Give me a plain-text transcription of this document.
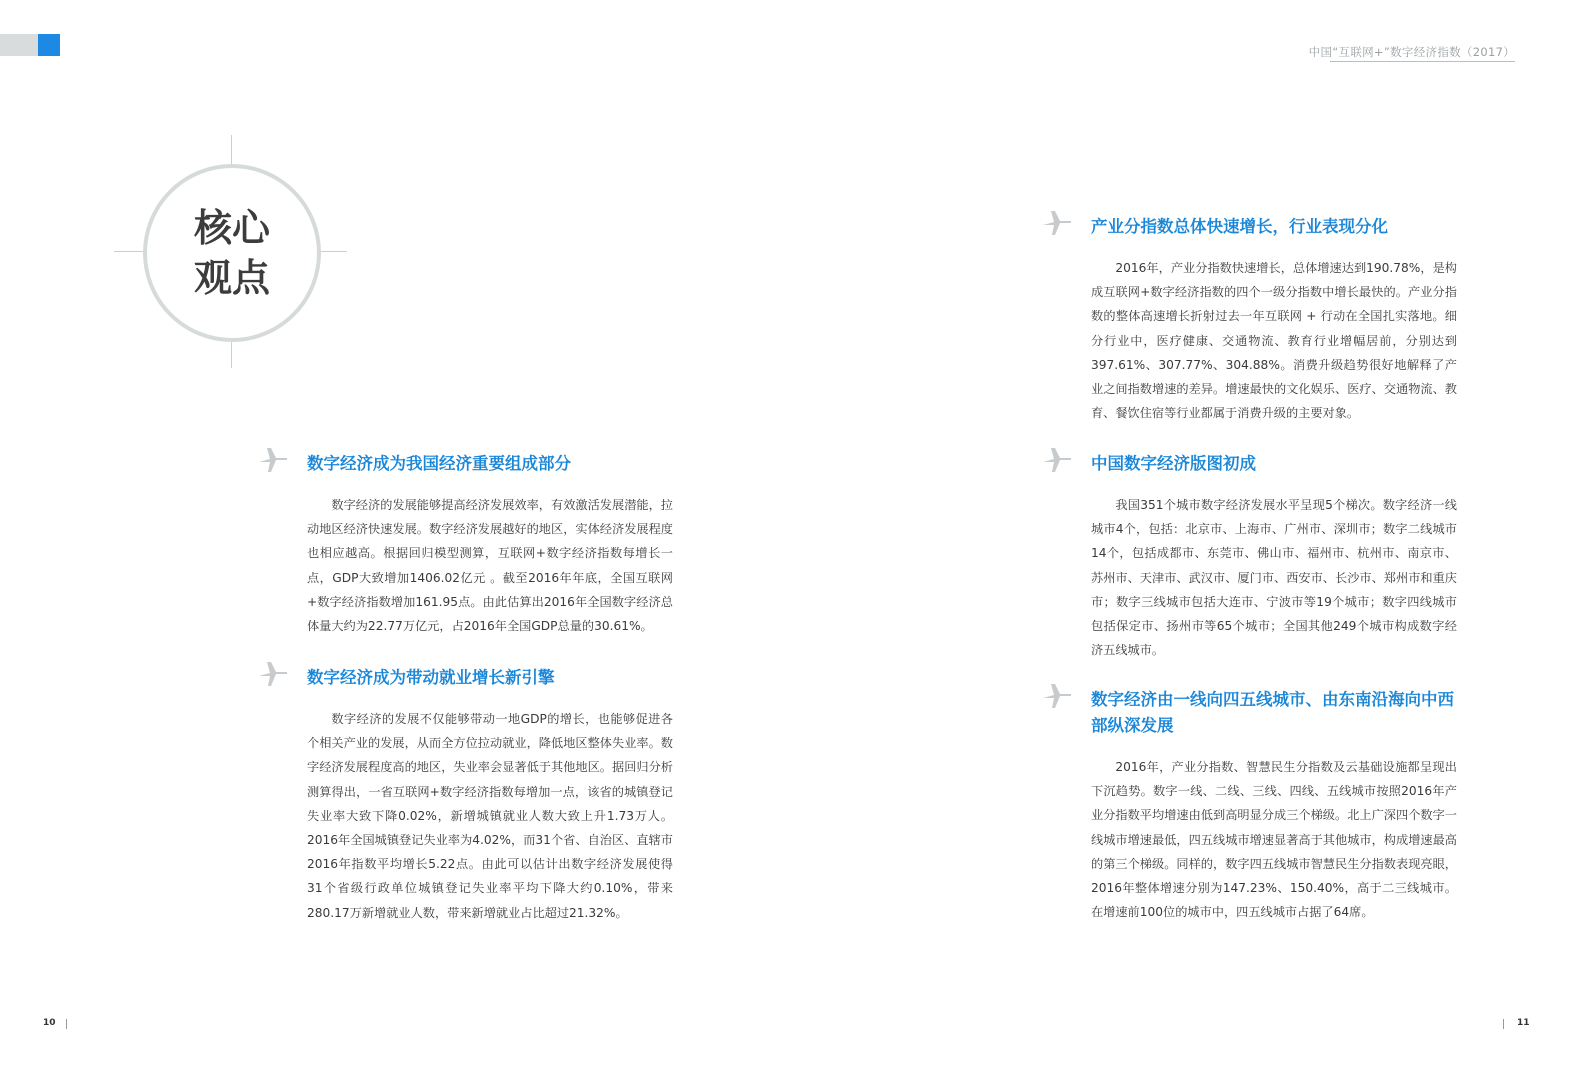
中国“互联网+”数字经济指数（2017）
核心观点
数字经济成为我国经济重要组成部分
数字经济的发展能够提高经济发展效率，有效激活发展潜能，拉动地区经济快速发展。数字经济发展越好的地区，实体经济发展程度也相应越高。根据回归模型测算，互联网+数字经济指数每增长一点，GDP大致增加1406.02亿元 。截至2016年年底，全国互联网+数字经济指数增加161.95点。由此估算出2016年全国数字经济总体量大约为22.77万亿元，占2016年全国GDP总量的30.61%。
数字经济成为带动就业增长新引擎
数字经济的发展不仅能够带动一地GDP的增长，也能够促进各个相关产业的发展，从而全方位拉动就业，降低地区整体失业率。数字经济发展程度高的地区，失业率会显著低于其他地区。据回归分析测算得出，一省互联网+数字经济指数每增加一点，该省的城镇登记失业率大致下降0.02%，新增城镇就业人数大致上升1.73万人。2016年全国城镇登记失业率为4.02%，而31个省、自治区、直辖市2016年指数平均增长5.22点。由此可以估计出数字经济发展使得31个省级行政单位城镇登记失业率平均下降大约0.10%，带来280.17万新增就业人数，带来新增就业占比超过21.32%。
产业分指数总体快速增长，行业表现分化
2016年，产业分指数快速增长，总体增速达到190.78%，是构成互联网+数字经济指数的四个一级分指数中增长最快的。产业分指数的整体高速增长折射过去一年互联网 + 行动在全国扎实落地。细分行业中，医疗健康、交通物流、教育行业增幅居前，分别达到397.61%、307.77%、304.88%。消费升级趋势很好地解释了产业之间指数增速的差异。增速最快的文化娱乐、医疗、交通物流、教育、餐饮住宿等行业都属于消费升级的主要对象。
中国数字经济版图初成
我国351个城市数字经济发展水平呈现5个梯次。数字经济一线城市4个，包括：北京市、上海市、广州市、深圳市；数字二线城市14个，包括成都市、东莞市、佛山市、福州市、杭州市、南京市、苏州市、天津市、武汉市、厦门市、西安市、长沙市、郑州市和重庆市；数字三线城市包括大连市、宁波市等19个城市；数字四线城市包括保定市、扬州市等65个城市；全国其他249个城市构成数字经济五线城市。
数字经济由一线向四五线城市、由东南沿海向中西部纵深发展
2016年，产业分指数、智慧民生分指数及云基础设施都呈现出下沉趋势。数字一线、二线、三线、四线、五线城市按照2016年产业分指数平均增速由低到高明显分成三个梯级。北上广深四个数字一线城市增速最低，四五线城市增速显著高于其他城市，构成增速最高的第三个梯级。同样的，数字四五线城市智慧民生分指数表现亮眼，2016年整体增速分别为147.23%、150.40%，高于二三线城市。在增速前100位的城市中，四五线城市占据了64席。
10	11
